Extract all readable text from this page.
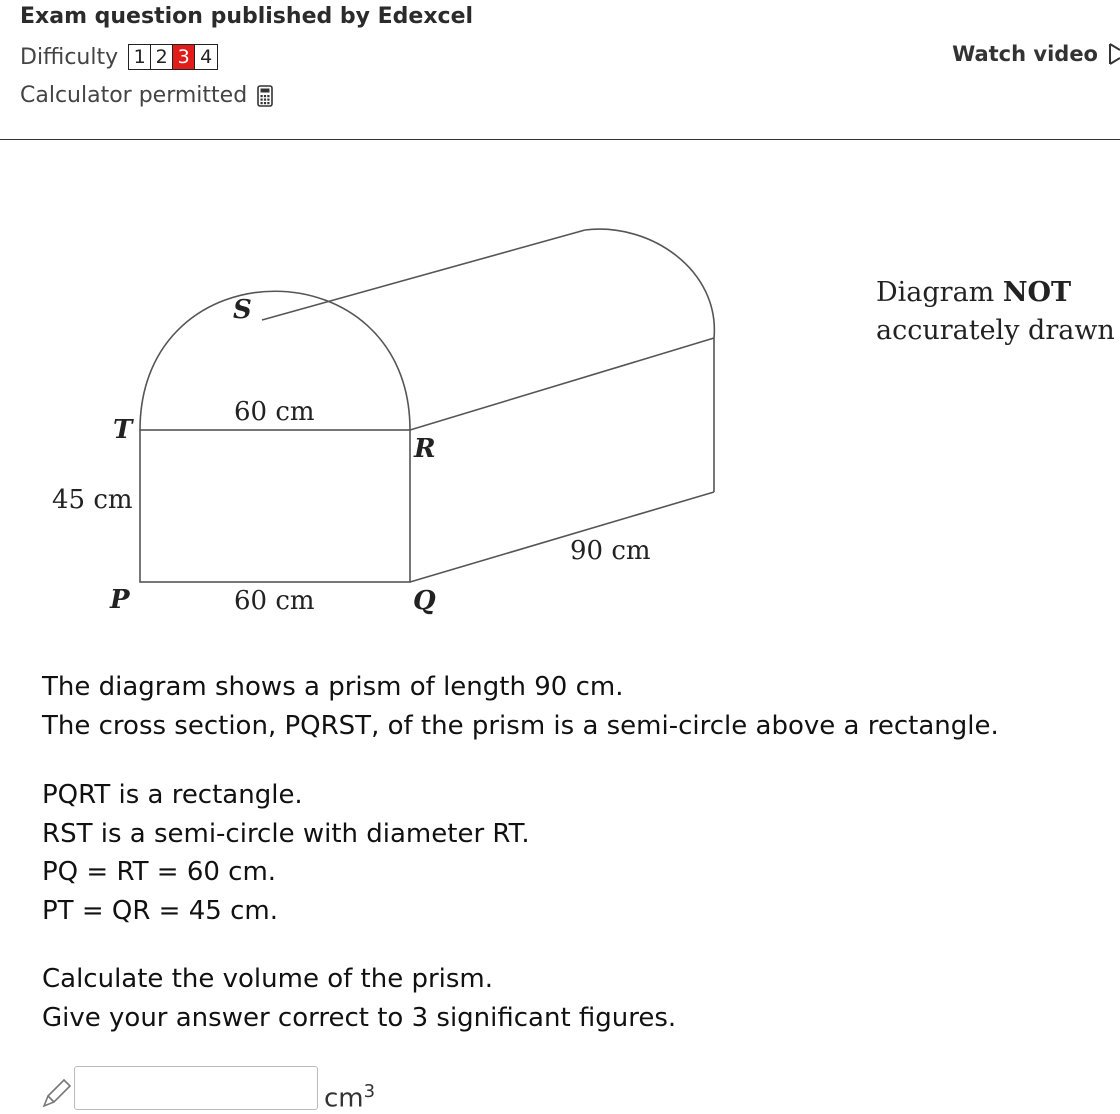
Exam question published by Edexcel
Difficulty 1 2 3 4
Calculator permitted
Watch video
S
T
R
P	Q
60 cm
45 cm
60 cm
90 cm
Diagram NOT
accurately drawn
The diagram shows a prism of length 90 cm.
The cross section, PQRST, of the prism is a semi-circle above a rectangle.
PQRT is a rectangle.
RST is a semi-circle with diameter RT.
PQ = RT = 60 cm.
PT = QR = 45 cm.
Calculate the volume of the prism.
Give your answer correct to 3 significant figures.
$cm^3$
